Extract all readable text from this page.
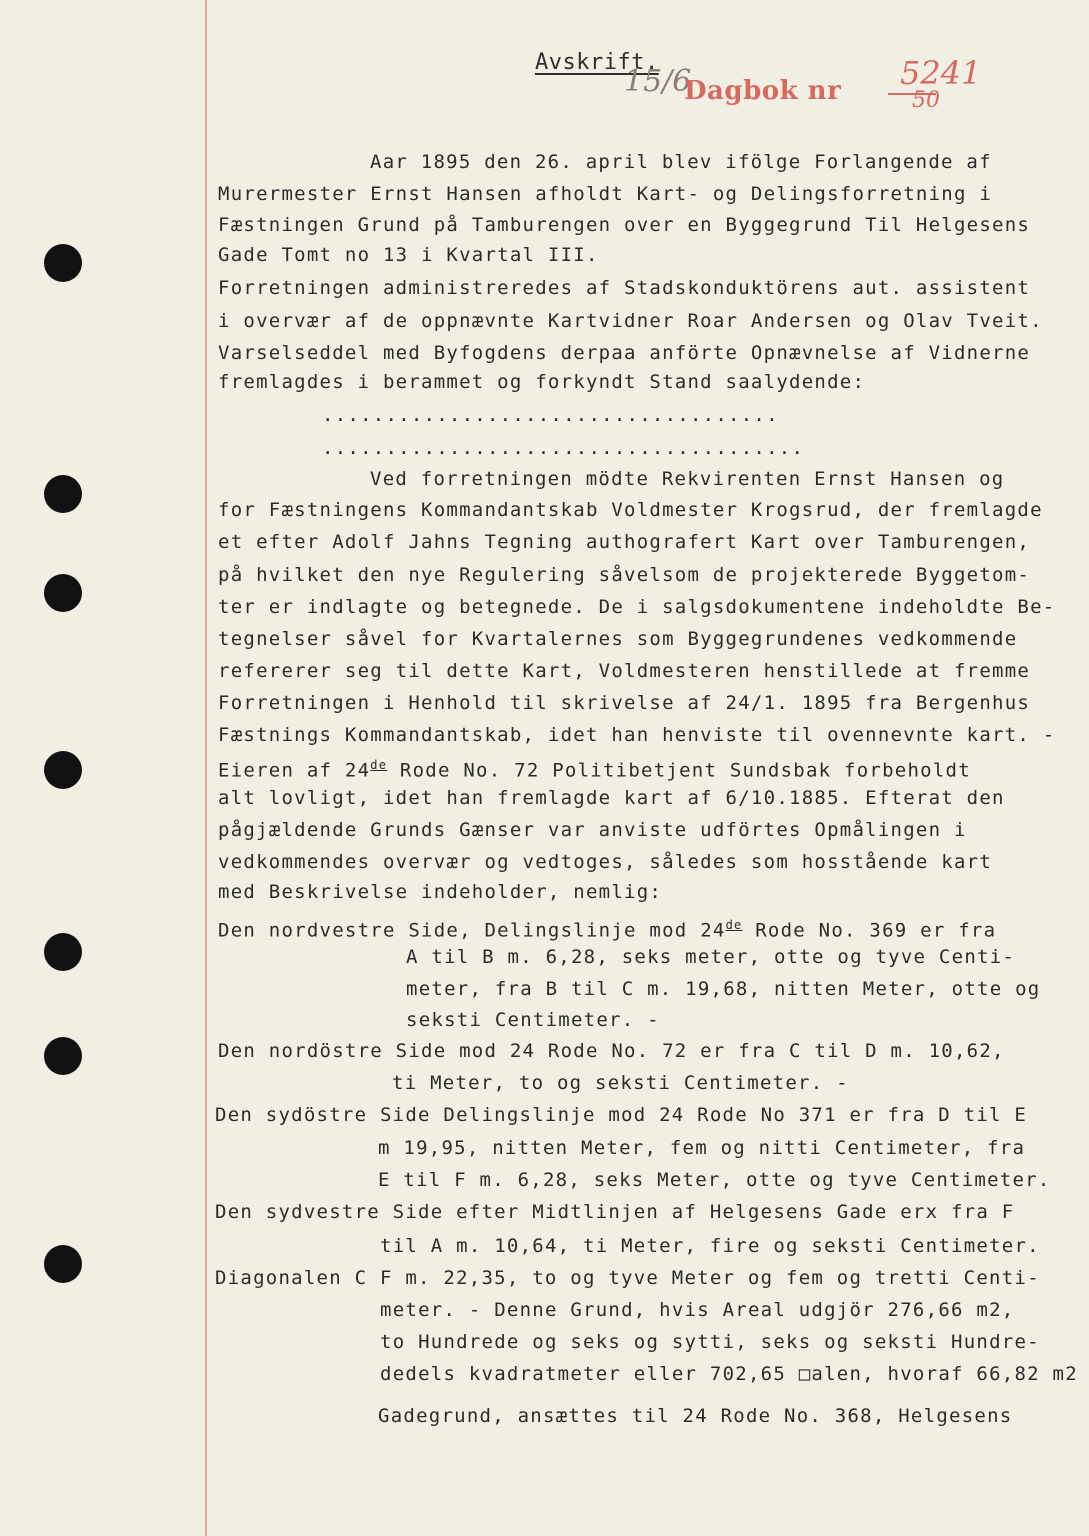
Avskrift.
15/6
Dagbok nr 5241
50
Aar 1895 den 26. april blev ifölge Forlangende af
Murermester Ernst Hansen afholdt Kart- og Delingsforretning i
Fæstningen Grund på Tamburengen over en Byggegrund Til Helgesens
Gade Tomt no 13 i Kvartal III.
Forretningen administreredes af Stadskonduktörens aut. assistent
i overvær af de oppnævnte Kartvidner Roar Andersen og Olav Tveit.
Varselseddel med Byfogdens derpaa anförte Opnævnelse af Vidnerne
fremlagdes i berammet og forkyndt Stand saalydende:
....................................
......................................
Ved forretningen mödte Rekvirenten Ernst Hansen og
for Fæstningens Kommandantskab Voldmester Krogsrud, der fremlagde
et efter Adolf Jahns Tegning authografert Kart over Tamburengen,
på hvilket den nye Regulering såvelsom de projekterede Byggetom-
ter er indlagte og betegnede. De i salgsdokumentene indeholdte Be-
tegnelser såvel for Kvartalernes som Byggegrundenes vedkommende
refererer seg til dette Kart, Voldmesteren henstillede at fremme
Forretningen i Henhold til skrivelse af 24/1. 1895 fra Bergenhus
Fæstnings Kommandantskab, idet han henviste til ovennevnte kart. -
Eieren af 24de Rode No. 72 Politibetjent Sundsbak forbeholdt
alt lovligt, idet han fremlagde kart af 6/10.1885. Efterat den
pågjældende Grunds Gænser var anviste udförtes Opmålingen i
vedkommendes overvær og vedtoges, således som hosstående kart
med Beskrivelse indeholder, nemlig:
Den nordvestre Side, Delingslinje mod 24de Rode No. 369 er fra
A til B m. 6,28, seks meter, otte og tyve Centi-
meter, fra B til C m. 19,68, nitten Meter, otte og
seksti Centimeter. -
Den nordöstre Side mod 24 Rode No. 72 er fra C til D m. 10,62,
ti Meter, to og seksti Centimeter. -
Den sydöstre Side Delingslinje mod 24 Rode No 371 er fra D til E
m 19,95, nitten Meter, fem og nitti Centimeter, fra
E til F m. 6,28, seks Meter, otte og tyve Centimeter.
Den sydvestre Side efter Midtlinjen af Helgesens Gade erx fra F
til A m. 10,64, ti Meter, fire og seksti Centimeter.
Diagonalen C F m. 22,35, to og tyve Meter og fem og tretti Centi-
meter. - Denne Grund, hvis Areal udgjör 276,66 m2,
to Hundrede og seks og sytti, seks og seksti Hundre-
dedels kvadratmeter eller 702,65 □alen, hvoraf 66,82 m2
Gadegrund, ansættes til 24 Rode No. 368, Helgesens
